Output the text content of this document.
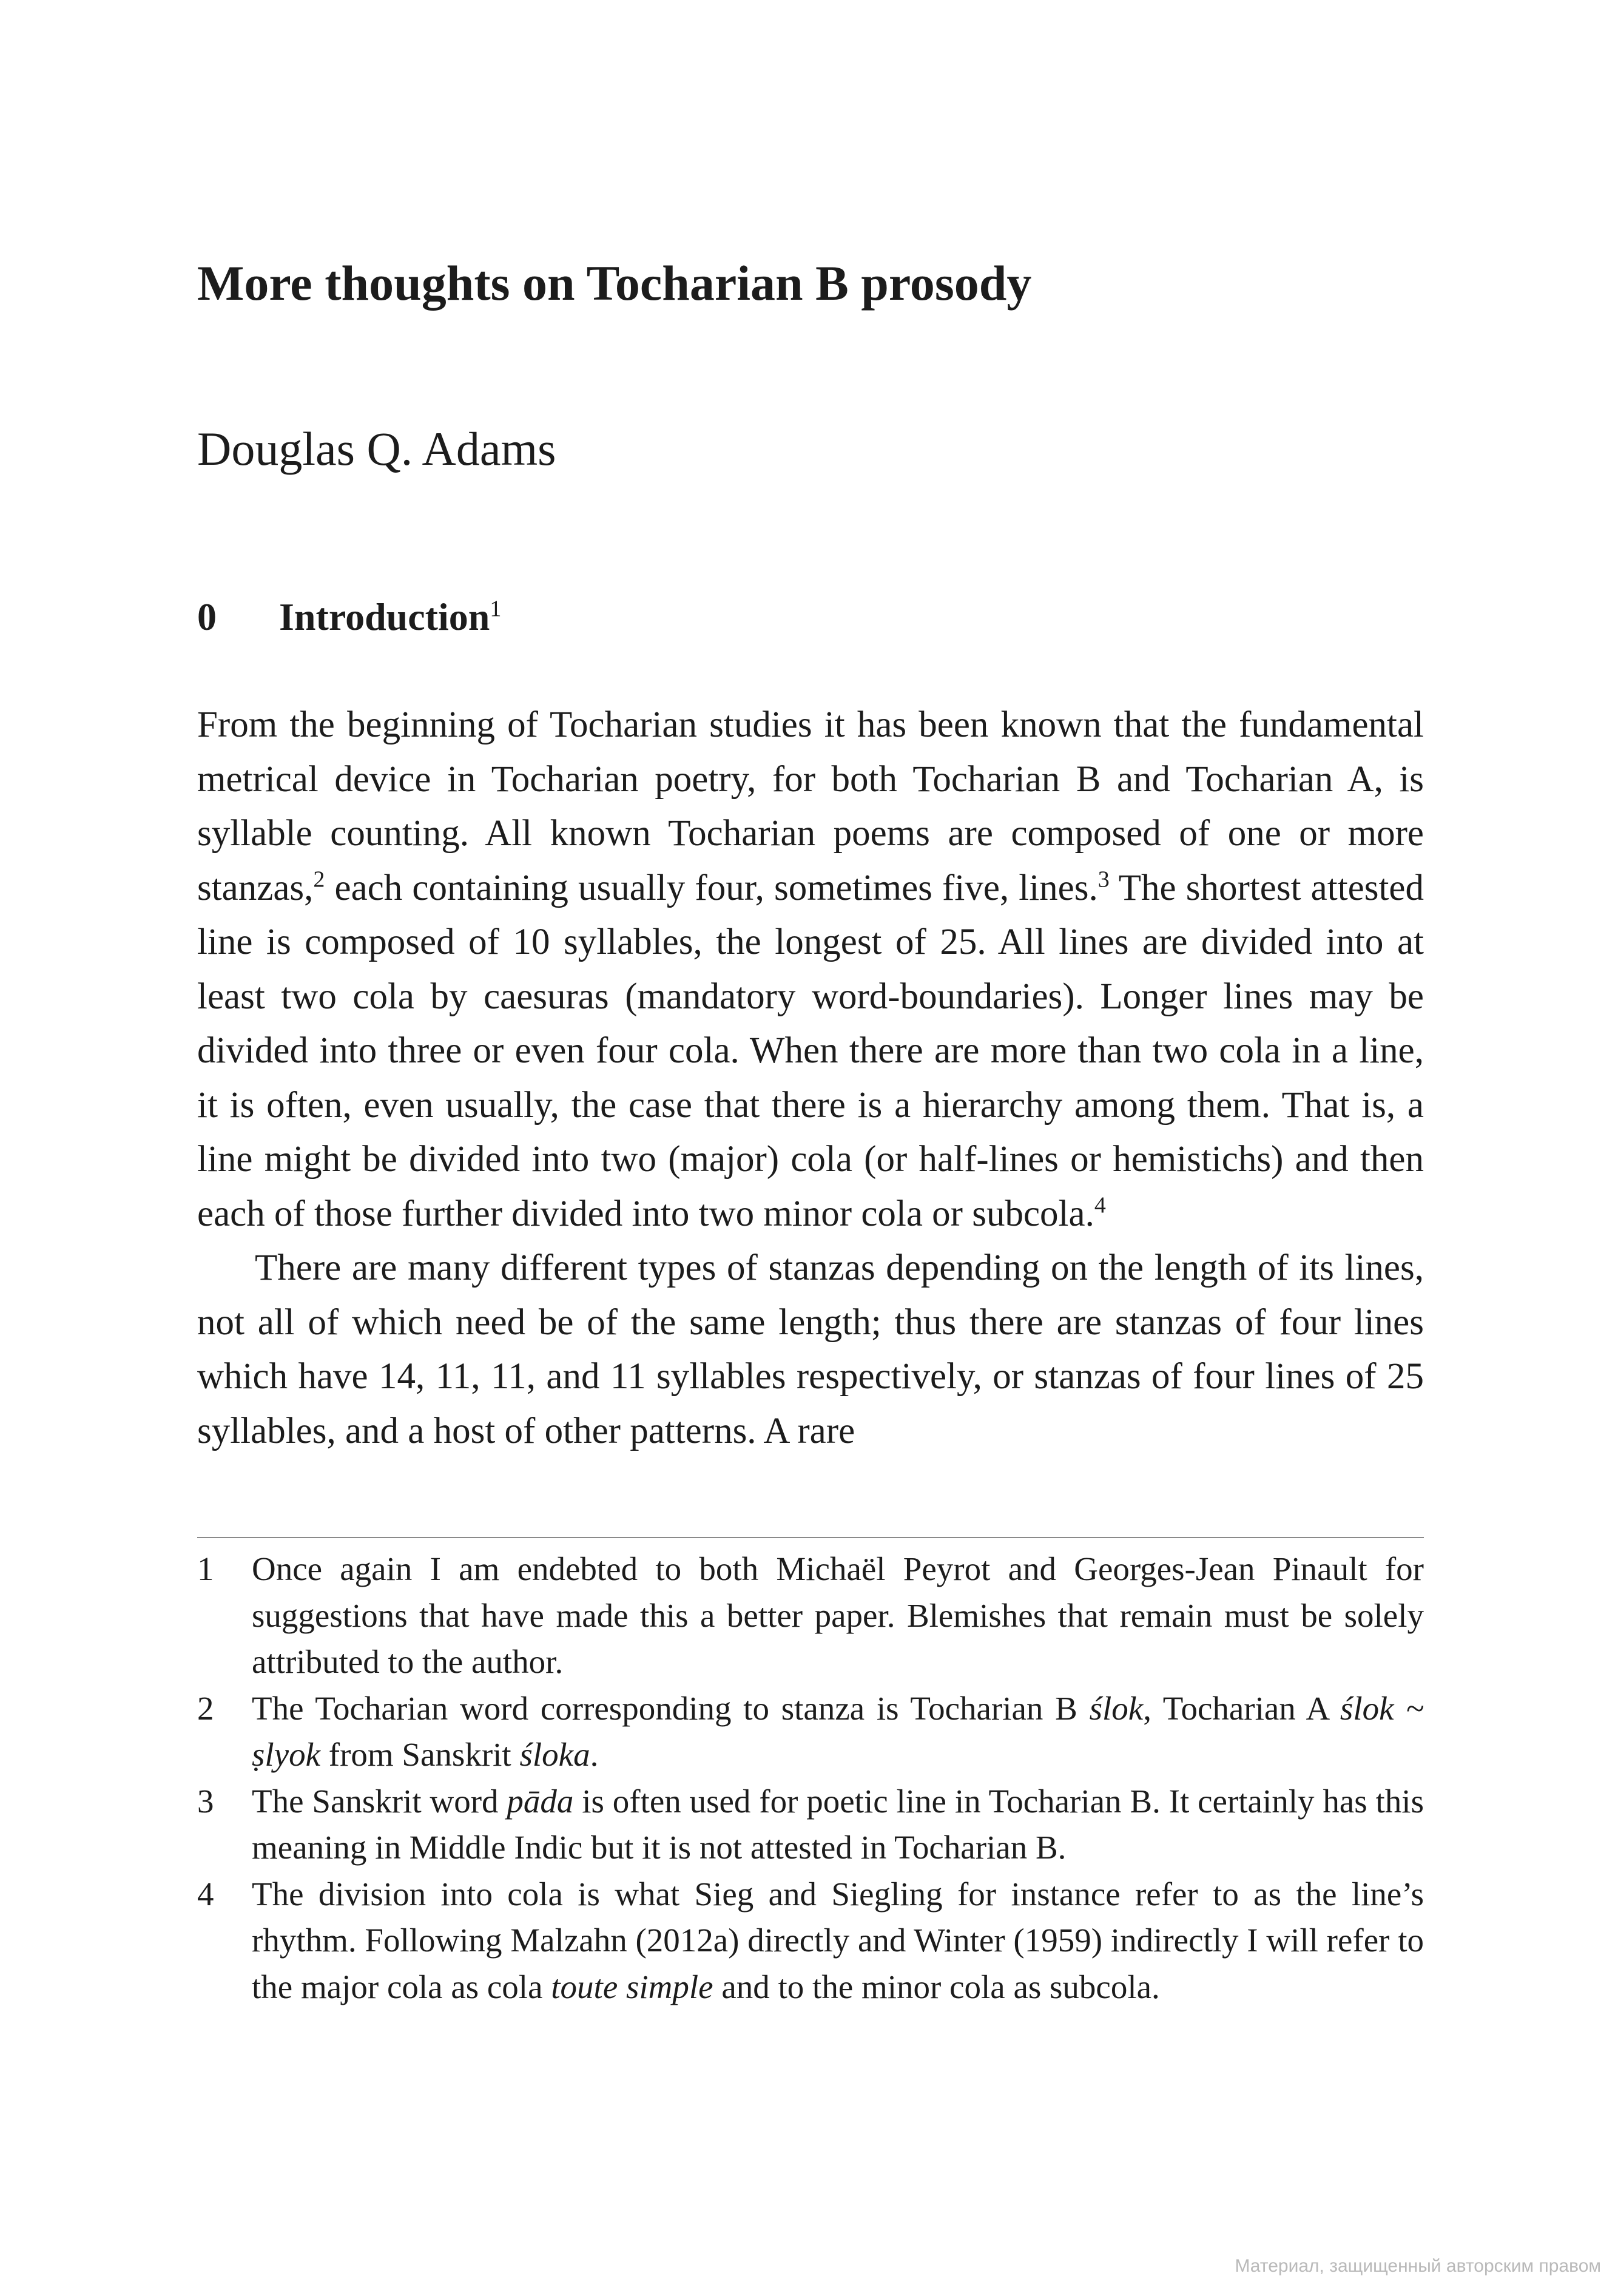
More thoughts on Tocharian B prosody
Douglas Q. Adams
0 Introduction$^1$

From the beginning of Tocharian studies it has been known that the fundamental metrical device in Tocharian poetry, for both Tocharian B and Tocharian A, is syllable counting. All known Tocharian poems are composed of one or more stanzas,$^2$ each containing usually four, sometimes five, lines.$^3$ The shortest attested line is composed of 10 syllables, the longest of 25. All lines are divided into at least two cola by caesuras (mandatory word-boundaries). Longer lines may be divided into three or even four cola. When there are more than two cola in a line, it is often, even usually, the case that there is a hierarchy among them. That is, a line might be divided into two (major) cola (or half-lines or hemistichs) and then each of those further divided into two minor cola or subcola.$^4$

There are many different types of stanzas depending on the length of its lines, not all of which need be of the same length; thus there are stanzas of four lines which have 14, 11, 11, and 11 syllables respectively, or stanzas of four lines of 25 syllables, and a host of other patterns. A rare

1 Once again I am endebted to both Michaël Peyrot and Georges-Jean Pinault for suggestions that have made this a better paper. Blemishes that remain must be solely attributed to the author.
2 The Tocharian word corresponding to stanza is Tocharian B ślok, Tocharian A ślok ~ ṣlyok from Sanskrit śloka.
3 The Sanskrit word pāda is often used for poetic line in Tocharian B. It certainly has this meaning in Middle Indic but it is not attested in Tocharian B.
4 The division into cola is what Sieg and Siegling for instance refer to as the line’s rhythm. Following Malzahn (2012a) directly and Winter (1959) indirectly I will refer to the major cola as cola toute simple and to the minor cola as subcola.
Материал, защищенный авторским правом
